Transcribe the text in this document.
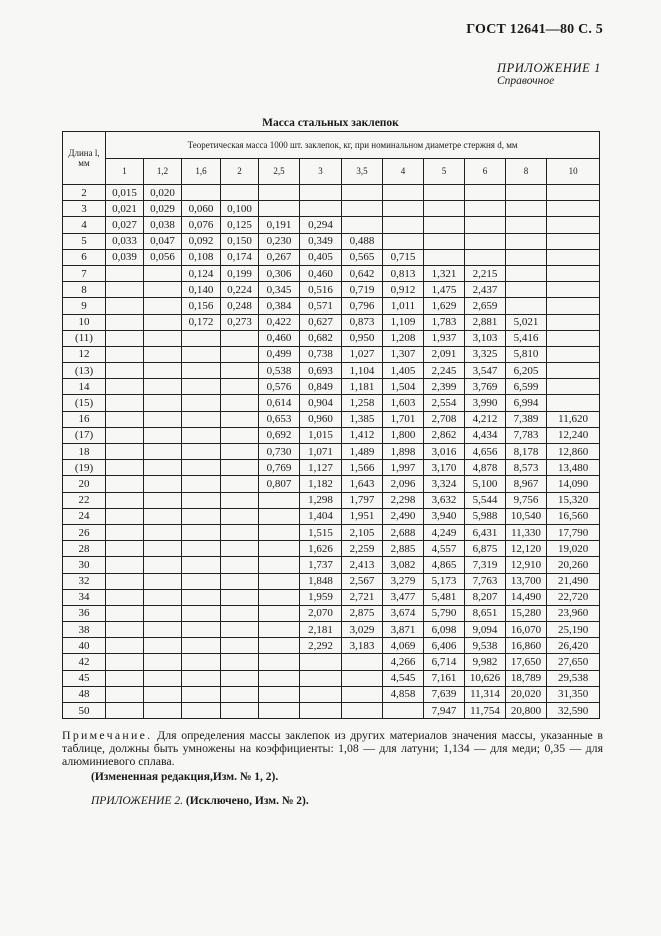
ГОСТ 12641—80 С. 5
ПРИЛОЖЕНИЕ 1
Справочное
Масса стальных заклепок
Длина l, мм	Теоретическая масса 1000 шт. заклепок, кг, при номинальном диаметре стержня d, мм											
	1	1,2	1,6	2	2,5	3	3,5	4	5	6	8	10
2	0,015	0,020										
3	0,021	0,029	0,060	0,100								
4	0,027	0,038	0,076	0,125	0,191	0,294						
5	0,033	0,047	0,092	0,150	0,230	0,349	0,488					
6	0,039	0,056	0,108	0,174	0,267	0,405	0,565	0,715				
7			0,124	0,199	0,306	0,460	0,642	0,813	1,321	2,215		
8			0,140	0,224	0,345	0,516	0,719	0,912	1,475	2,437		
9			0,156	0,248	0,384	0,571	0,796	1,011	1,629	2,659		
10			0,172	0,273	0,422	0,627	0,873	1,109	1,783	2,881	5,021	
(11)					0,460	0,682	0,950	1,208	1,937	3,103	5,416	
12					0,499	0,738	1,027	1,307	2,091	3,325	5,810	
(13)					0,538	0,693	1,104	1,405	2,245	3,547	6,205	
14					0,576	0,849	1,181	1,504	2,399	3,769	6,599	
(15)					0,614	0,904	1,258	1,603	2,554	3,990	6,994	
16					0,653	0,960	1,385	1,701	2,708	4,212	7,389	11,620
(17)					0,692	1,015	1,412	1,800	2,862	4,434	7,783	12,240
18					0,730	1,071	1,489	1,898	3,016	4,656	8,178	12,860
(19)					0,769	1,127	1,566	1,997	3,170	4,878	8,573	13,480
20					0,807	1,182	1,643	2,096	3,324	5,100	8,967	14,090
22						1,298	1,797	2,298	3,632	5,544	9,756	15,320
24						1,404	1,951	2,490	3,940	5,988	10,540	16,560
26						1,515	2,105	2,688	4,249	6,431	11,330	17,790
28						1,626	2,259	2,885	4,557	6,875	12,120	19,020
30						1,737	2,413	3,082	4,865	7,319	12,910	20,260
32						1,848	2,567	3,279	5,173	7,763	13,700	21,490
34						1,959	2,721	3,477	5,481	8,207	14,490	22,720
36						2,070	2,875	3,674	5,790	8,651	15,280	23,960
38						2,181	3,029	3,871	6,098	9,094	16,070	25,190
40						2,292	3,183	4,069	6,406	9,538	16,860	26,420
42								4,266	6,714	9,982	17,650	27,650
45								4,545	7,161	10,626	18,789	29,538
48								4,858	7,639	11,314	20,020	31,350
50									7,947	11,754	20,800	32,590
Примечание. Для определения массы заклепок из других материалов значения массы, указанные в таблице, должны быть умножены на коэффициенты: 1,08 — для латуни; 1,134 — для меди; 0,35 — для алюминиевого сплава.
(Измененная редакция,Изм. № 1, 2).
ПРИЛОЖЕНИЕ 2. (Исключено, Изм. № 2).
